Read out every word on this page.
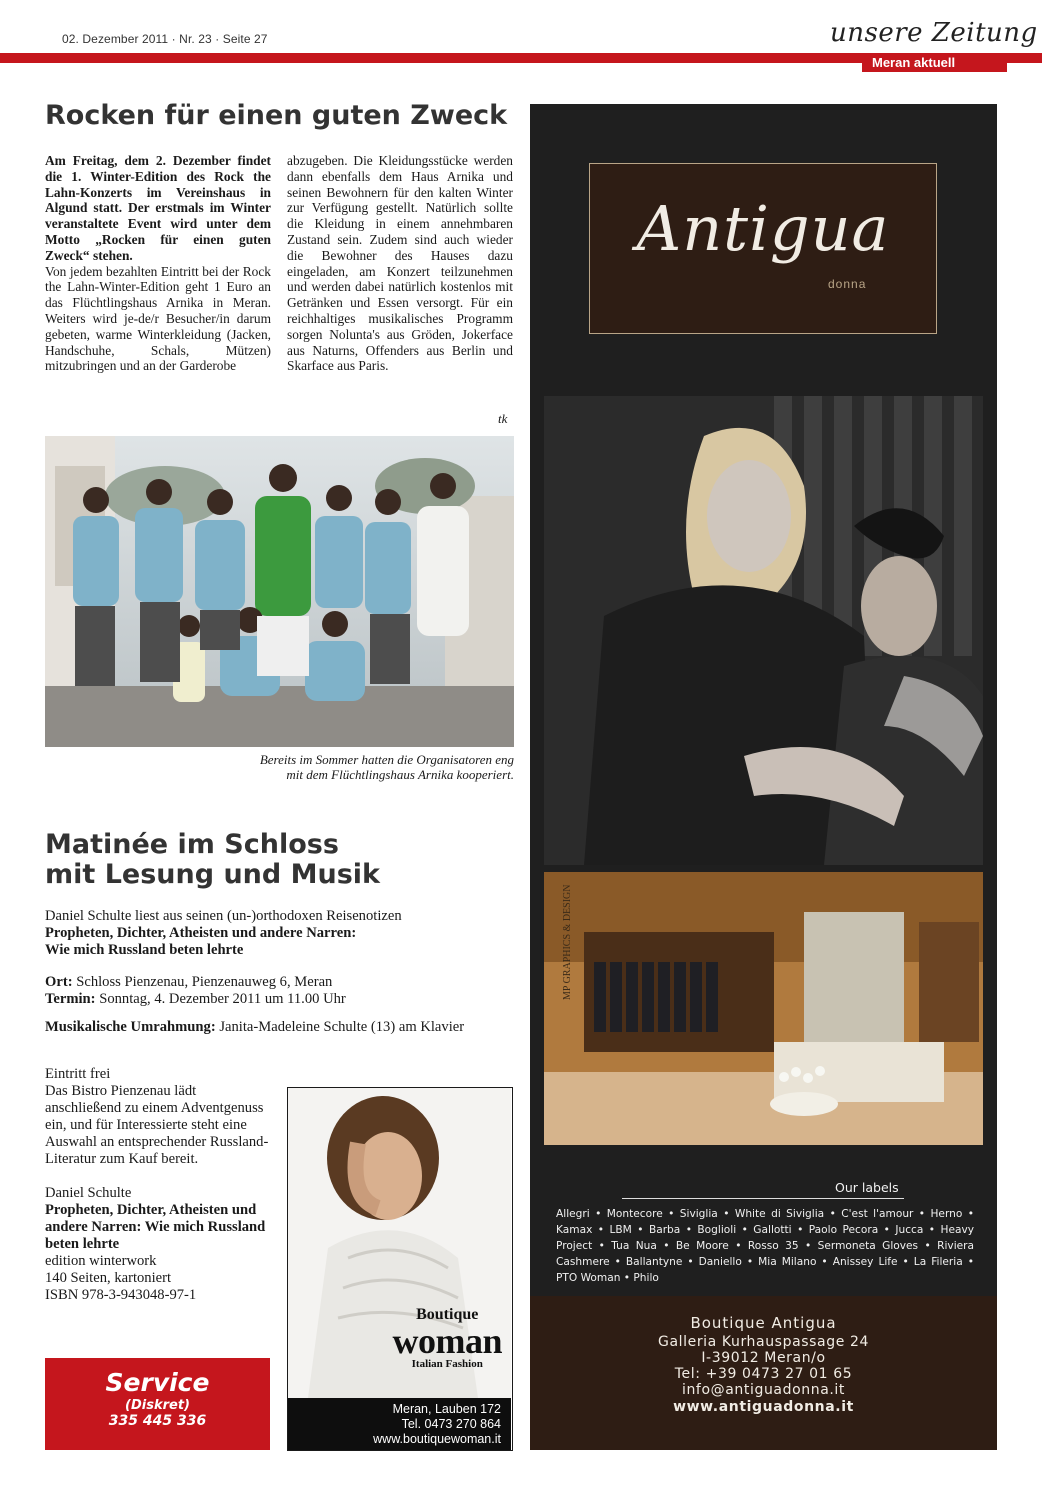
02. Dezember 2011 · Nr. 23 · Seite 27	unsere Zeitung
Meran aktuell
Rocken für einen guten Zweck

Am Freitag, dem 2. Dezember findet die 1. Winter-Edition des Rock the Lahn-Konzerts im Vereinshaus in Algund statt. Der erstmals im Winter veranstaltete Event wird unter dem Motto „Rocken für einen guten Zweck“ stehen.

Von jedem bezahlten Eintritt bei der Rock the Lahn-Winter-Edition geht 1 Euro an das Flüchtlingshaus Arnika in Meran. Weiters wird je-de/r Besucher/in darum gebeten, warme Winterkleidung (Jacken, Handschuhe, Schals, Mützen) mitzubringen und an der Garderobe

abzugeben. Die Kleidungsstücke werden dann ebenfalls dem Haus Arnika und seinen Bewohnern für den kalten Winter zur Verfügung gestellt. Natürlich sollte die Kleidung in einem annehmbaren Zustand sein. Zudem sind auch wieder die Bewohner des Hauses dazu eingeladen, am Konzert teilzunehmen und werden dabei natürlich kostenlos mit Getränken und Essen versorgt. Für ein reichhaltiges musikalisches Programm sorgen Nolunta's aus Gröden, Jokerface aus Naturns, Offenders aus Berlin und Skarface aus Paris.

tk
Bereits im Sommer hatten die Organisatoren eng
mit dem Flüchtlingshaus Arnika kooperiert.
Matinée im Schloss
mit Lesung und Musik
Daniel Schulte liest aus seinen (un-)orthodoxen Reisenotizen
Propheten, Dichter, Atheisten und andere Narren:
Wie mich Russland beten lehrte
Ort: Schloss Pienzenau, Pienzenauweg 6, Meran
Termin: Sonntag, 4. Dezember 2011 um 11.00 Uhr
Musikalische Umrahmung: Janita-Madeleine Schulte (13) am Klavier
Eintritt frei
Das Bistro Pienzenau lädt anschließend zu einem Adventgenuss ein, und für Interessierte steht eine Auswahl an entsprechender Russland-Literatur zum Kauf bereit.
Daniel Schulte
Propheten, Dichter, Atheisten und andere Narren: Wie mich Russland beten lehrte
edition winterwork
140 Seiten, kartoniert
ISBN 978-3-943048-97-1
Service
(Diskret)
335 445 336
Boutique
woman
Italian Fashion
Meran, Lauben 172
Tel. 0473 270 864
www.boutiquewoman.it
Antigua
donna
MP GRAPHICS & DESIGN
Our labels
Allegri • Montecore • Siviglia • White di Siviglia • C'est l'amour • Herno • Kamax • LBM • Barba • Boglioli • Gallotti • Paolo Pecora • Jucca • Heavy Project • Tua Nua • Be Moore • Rosso 35 • Sermoneta Gloves • Riviera Cashmere • Ballantyne • Daniello • Mia Milano • Anissey Life • La Fileria • PTO Woman • Philo
Boutique Antigua
Galleria Kurhauspassage 24
I-39012 Meran/o
Tel: +39 0473 27 01 65
info@antiguadonna.it
www.antiguadonna.it
